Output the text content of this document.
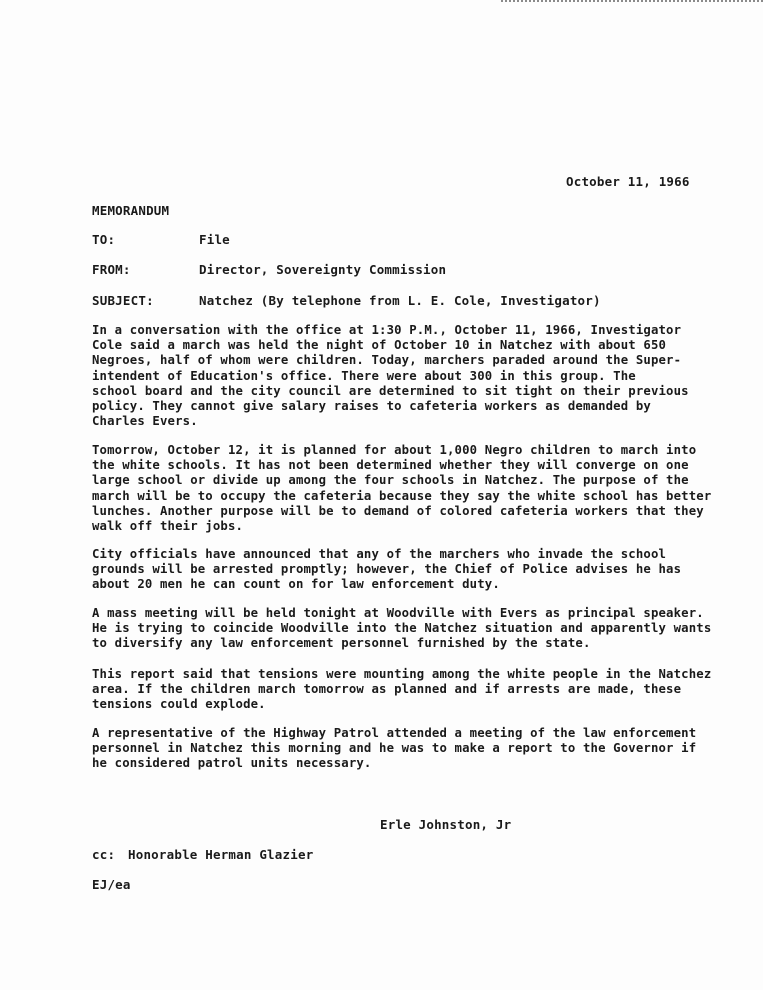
October 11, 1966
MEMORANDUM
TO:	File
FROM:	Director, Sovereignty Commission
SUBJECT:	Natchez (By telephone from L. E. Cole, Investigator)
In a conversation with the office at 1:30 P.M., October 11, 1966, Investigator
Cole said a march was held the night of October 10 in Natchez with about 650
Negroes, half of whom were children. Today, marchers paraded around the Super-
intendent of Education's office. There were about 300 in this group. The
school board and the city council are determined to sit tight on their previous
policy. They cannot give salary raises to cafeteria workers as demanded by
Charles Evers.
Tomorrow, October 12, it is planned for about 1,000 Negro children to march into
the white schools. It has not been determined whether they will converge on one
large school or divide up among the four schools in Natchez. The purpose of the
march will be to occupy the cafeteria because they say the white school has better
lunches. Another purpose will be to demand of colored cafeteria workers that they
walk off their jobs.
City officials have announced that any of the marchers who invade the school
grounds will be arrested promptly; however, the Chief of Police advises he has
about 20 men he can count on for law enforcement duty.
A mass meeting will be held tonight at Woodville with Evers as principal speaker.
He is trying to coincide Woodville into the Natchez situation and apparently wants
to diversify any law enforcement personnel furnished by the state.
This report said that tensions were mounting among the white people in the Natchez
area. If the children march tomorrow as planned and if arrests are made, these
tensions could explode.
A representative of the Highway Patrol attended a meeting of the law enforcement
personnel in Natchez this morning and he was to make a report to the Governor if
he considered patrol units necessary.
Erle Johnston, Jr
cc: Honorable Herman Glazier
EJ/ea
